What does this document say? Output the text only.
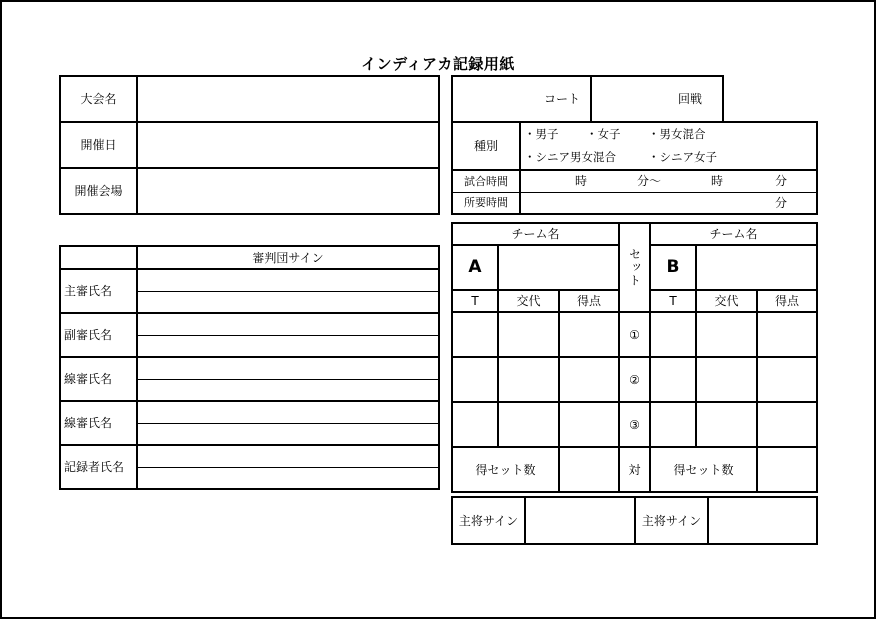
インディアカ記録用紙
大会名	
開催日	
開催会場	
コート	回戦
種別	・男子 ・女子 ・男女混合
・シニア男女混合 ・シニア女子

試合時間	時 分〜 時 分

所要時間	分
	審判団サイン
主審氏名	

副審氏名	

線審氏名	

線審氏名	

記録者氏名	

チーム名			セット	チーム名		
A				B		
T	交代	得点		T	交代	得点
			①			
			②			
			③			
得セット数			対	得セット数		
主将サイン		主将サイン	
